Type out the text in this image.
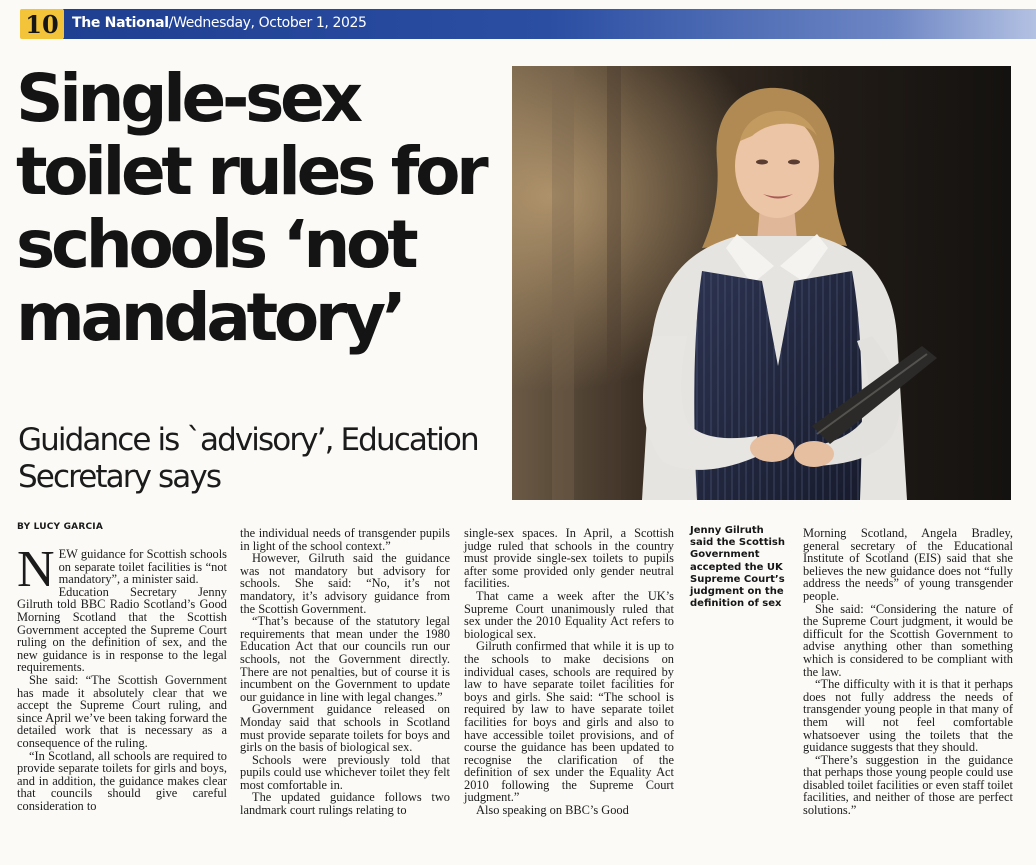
10 The National/Wednesday, October 1, 2025
Single-sex toilet rules for schools ‘not mandatory’
Guidance is `advisory’, Education Secretary says
BY LUCY GARCIA

NEW guidance for Scottish schools on separate toilet facilities is “not mandatory”, a minister said.

Education Secretary Jenny Gilruth told BBC Radio Scotland’s Good Morning Scotland that the Scottish Government accepted the Supreme Court ruling on the definition of sex, and the new guidance is in response to the legal requirements.

She said: “The Scottish Government has made it absolutely clear that we accept the Supreme Court ruling, and since April we’ve been taking forward the detailed work that is necessary as a consequence of the ruling.

“In Scotland, all schools are required to provide separate toilets for girls and boys, and in addition, the guidance makes clear that councils should give careful consideration to

the individual needs of transgender pupils in light of the school context.”

However, Gilruth said the guidance was not mandatory but advisory for schools. She said: “No, it’s not mandatory, it’s advisory guidance from the Scottish Government.

“That’s because of the statutory legal requirements that mean under the 1980 Education Act that our councils run our schools, not the Government directly. There are not penalties, but of course it is incumbent on the Government to update our guidance in line with legal changes.”

Government guidance released on Monday said that schools in Scotland must provide separate toilets for boys and girls on the basis of biological sex.

Schools were previously told that pupils could use whichever toilet they felt most comfortable in.

The updated guidance follows two landmark court rulings relating to

single-sex spaces. In April, a Scottish judge ruled that schools in the country must provide single-sex toilets to pupils after some provided only gender neutral facilities.

That came a week after the UK’s Supreme Court unanimously ruled that sex under the 2010 Equality Act refers to biological sex.

Gilruth confirmed that while it is up to the schools to make decisions on individual cases, schools are required by law to have separate toilet facilities for boys and girls. She said: “The school is required by law to have separate toilet facilities for boys and girls and also to have accessible toilet provisions, and of course the guidance has been updated to recognise the clarification of the definition of sex under the Equality Act 2010 following the Supreme Court judgment.”

Also speaking on BBC’s Good

Jenny Gilruth said the Scottish Government accepted the UK Supreme Court’s judgment on the definition of sex

Morning Scotland, Angela Bradley, general secretary of the Educational Institute of Scotland (EIS) said that she believes the new guidance does not “fully address the needs” of young transgender people.

She said: “Considering the nature of the Supreme Court judgment, it would be difficult for the Scottish Government to advise anything other than something which is considered to be compliant with the law.

“The difficulty with it is that it perhaps does not fully address the needs of transgender young people in that many of them will not feel comfortable whatsoever using the toilets that the guidance suggests that they should.

“There’s suggestion in the guidance that perhaps those young people could use disabled toilet facilities or even staff toilet facilities, and neither of those are perfect solutions.”
